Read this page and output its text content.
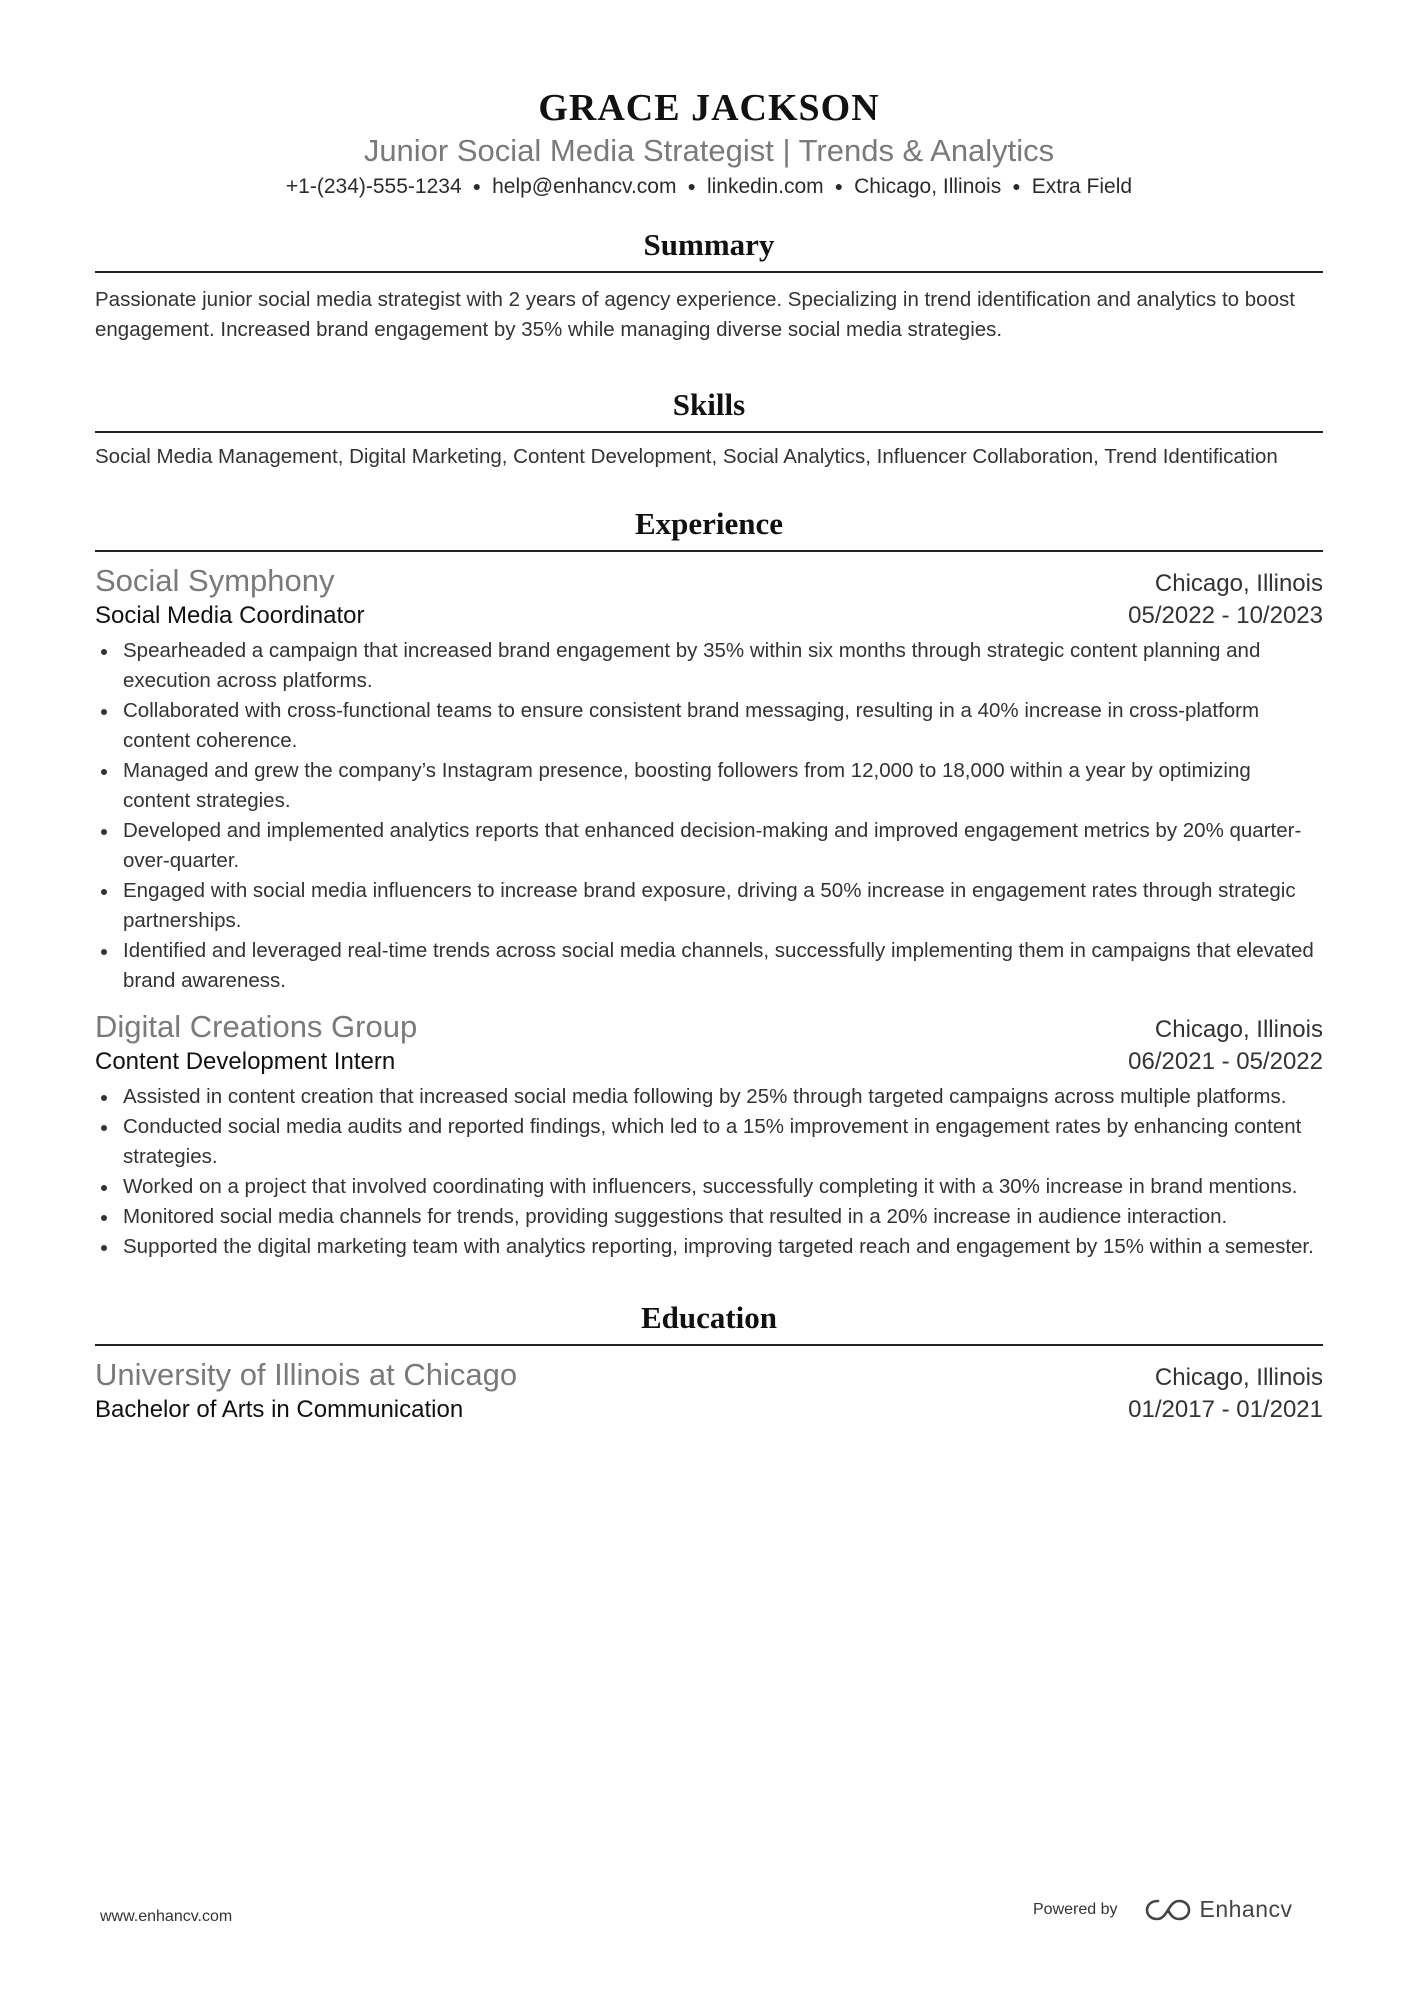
GRACE JACKSON
Junior Social Media Strategist | Trends & Analytics
+1-(234)-555-1234 ● help@enhancv.com ● linkedin.com ● Chicago, Illinois ● Extra Field
Summary
Passionate junior social media strategist with 2 years of agency experience. Specializing in trend identification and analytics to boost engagement. Increased brand engagement by 35% while managing diverse social media strategies.
Skills
Social Media Management, Digital Marketing, Content Development, Social Analytics, Influencer Collaboration, Trend Identification
Experience
Social Symphony	Chicago, Illinois
Social Media Coordinator	05/2022 - 10/2023
Spearheaded a campaign that increased brand engagement by 35% within six months through strategic content planning and execution across platforms.
Collaborated with cross-functional teams to ensure consistent brand messaging, resulting in a 40% increase in cross-platform content coherence.
Managed and grew the company’s Instagram presence, boosting followers from 12,000 to 18,000 within a year by optimizing content strategies.
Developed and implemented analytics reports that enhanced decision-making and improved engagement metrics by 20% quarter-over-quarter.
Engaged with social media influencers to increase brand exposure, driving a 50% increase in engagement rates through strategic partnerships.
Identified and leveraged real-time trends across social media channels, successfully implementing them in campaigns that elevated brand awareness.
Digital Creations Group	Chicago, Illinois
Content Development Intern	06/2021 - 05/2022
Assisted in content creation that increased social media following by 25% through targeted campaigns across multiple platforms.
Conducted social media audits and reported findings, which led to a 15% improvement in engagement rates by enhancing content strategies.
Worked on a project that involved coordinating with influencers, successfully completing it with a 30% increase in brand mentions.
Monitored social media channels for trends, providing suggestions that resulted in a 20% increase in audience interaction.
Supported the digital marketing team with analytics reporting, improving targeted reach and engagement by 15% within a semester.
Education
University of Illinois at Chicago	Chicago, Illinois
Bachelor of Arts in Communication	01/2017 - 01/2021
www.enhancv.com	Powered by	Enhancv
